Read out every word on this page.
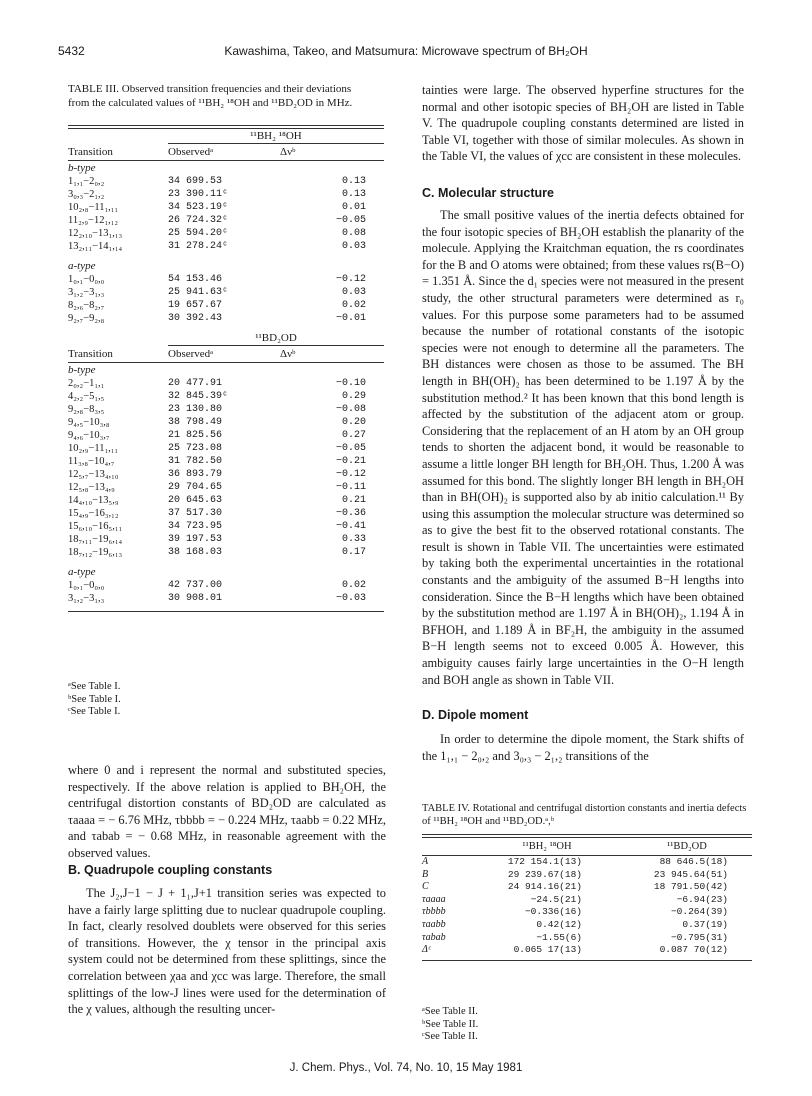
5432	Kawashima, Takeo, and Matsumura: Microwave spectrum of BH₂OH
TABLE III. Observed transition frequencies and their deviations from the calculated values of ¹¹BH₂ ¹⁸OH and ¹¹BD₂OD in MHz.
¹¹BH₂ ¹⁸OH
Transition	Observedᵃ	Δνᵇ
b-type
1₁,₁−2₀,₂	34 699.53	0.13
3₀,₃−2₁,₂	23 390.11ᶜ	0.13
10₂,₈−11₁,₁₁	34 523.19ᶜ	0.01
11₂,₉−12₁,₁₂	26 724.32ᶜ	−0.05
12₂,₁₀−13₁,₁₃	25 594.20ᶜ	0.08
13₂,₁₁−14₁,₁₄	31 278.24ᶜ	0.03
a-type
1₀,₁−0₀,₀	54 153.46	−0.12
3₁,₂−3₁,₃	25 941.63ᶜ	0.03
8₂,₆−8₂,₇	19 657.67	0.02
9₂,₇−9₂,₈	30 392.43	−0.01
¹¹BD₂OD
Transition	Observedᵃ	Δνᵇ
b-type
2₀,₂−1₁,₁	20 477.91	−0.10
4₂,₂−5₁,₅	32 845.39ᶜ	0.29
9₂,₈−8₃,₅	23 130.80	−0.08
9₄,₅−10₃,₈	38 798.49	0.20
9₄,₆−10₃,₇	21 825.56	0.27
10₂,₉−11₁,₁₁	25 723.08	−0.05
11₃,₈−10₄,₇	31 782.50	−0.21
12₅,₇−13₄,₁₀	36 893.79	−0.12
12₅,₈−13₄,₉	29 704.65	−0.11
14₄,₁₀−13₅,₉	20 645.63	0.21
15₄,₉−16₃,₁₂	37 517.30	−0.36
15₆,₁₀−16₅,₁₁	34 723.95	−0.41
18₇,₁₁−19₆,₁₄	39 197.53	0.33
18₇,₁₂−19₆,₁₃	38 168.03	0.17
a-type
1₀,₁−0₀,₀	42 737.00	0.02
3₁,₂−3₁,₃	30 908.01	−0.03
ᵃSee Table I.
ᵇSee Table I.
ᶜSee Table I.
where 0 and i represent the normal and substituted species, respectively. If the above relation is applied to BH₂OH, the centrifugal distortion constants of BD₂OD are calculated as τaaaa = − 6.76 MHz, τbbbb = − 0.224 MHz, τaabb = 0.22 MHz, and τabab = − 0.68 MHz, in reasonable agreement with the observed values.
B. Quadrupole coupling constants
The J₂,J−1 − J + 1₁,J+1 transition series was expected to have a fairly large splitting due to nuclear quadrupole coupling. In fact, clearly resolved doublets were observed for this series of transitions. However, the χ tensor in the principal axis system could not be determined from these splittings, since the correlation between χaa and χcc was large. Therefore, the small splittings of the low-J lines were used for the determination of the χ values, although the resulting uncer-
tainties were large. The observed hyperfine structures for the normal and other isotopic species of BH₂OH are listed in Table V. The quadrupole coupling constants determined are listed in Table VI, together with those of similar molecules. As shown in the Table VI, the values of χcc are consistent in these molecules.
C. Molecular structure
The small positive values of the inertia defects obtained for the four isotopic species of BH₂OH establish the planarity of the molecule. Applying the Kraitchman equation, the rs coordinates for the B and O atoms were obtained; from these values rs(B−O) = 1.351 Å. Since the d₁ species were not measured in the present study, the other structural parameters were determined as r₀ values. For this purpose some parameters had to be assumed because the number of rotational constants of the isotopic species were not enough to determine all the parameters. The BH distances were chosen as those to be assumed. The BH length in BH(OH)₂ has been determined to be 1.197 Å by the substitution method.² It has been known that this bond length is affected by the substitution of the adjacent atom or group. Considering that the replacement of an H atom by an OH group tends to shorten the adjacent bond, it would be reasonable to assume a little longer BH length for BH₂OH. Thus, 1.200 Å was assumed for this bond. The slightly longer BH length in BH₂OH than in BH(OH)₂ is supported also by ab initio calculation.¹¹ By using this assumption the molecular structure was determined so as to give the best fit to the observed rotational constants. The result is shown in Table VII. The uncertainties were estimated by taking both the experimental uncertainties in the rotational constants and the ambiguity of the assumed B−H lengths into consideration. Since the B−H lengths which have been obtained by the substitution method are 1.197 Å in BH(OH)₂, 1.194 Å in BFHOH, and 1.189 Å in BF₂H, the ambiguity in the assumed B−H length seems not to exceed 0.005 Å. However, this ambiguity causes fairly large uncertainties in the O−H length and BOH angle as shown in Table VII.
D. Dipole moment
In order to determine the dipole moment, the Stark shifts of the 1₁,₁ − 2₀,₂ and 3₀,₃ − 2₁,₂ transitions of the
TABLE IV. Rotational and centrifugal distortion constants and inertia defects of ¹¹BH₂ ¹⁸OH and ¹¹BD₂OD.ᵃ,ᵇ
¹¹BH₂ ¹⁸OH	¹¹BD₂OD
A	172 154.1(13)	88 646.5(18)
B	29 239.67(18)	23 945.64(51)
C	24 914.16(21)	18 791.50(42)
τaaaa	−24.5(21)	−6.94(23)
τbbbb	−0.336(16)	−0.264(39)
τaabb	0.42(12)	0.37(19)
τabab	−1.55(6)	−0.795(31)
Δᶜ	0.065 17(13)	0.087 70(12)
ᵃSee Table II.
ᵇSee Table II.
ᶜSee Table II.
J. Chem. Phys., Vol. 74, No. 10, 15 May 1981
